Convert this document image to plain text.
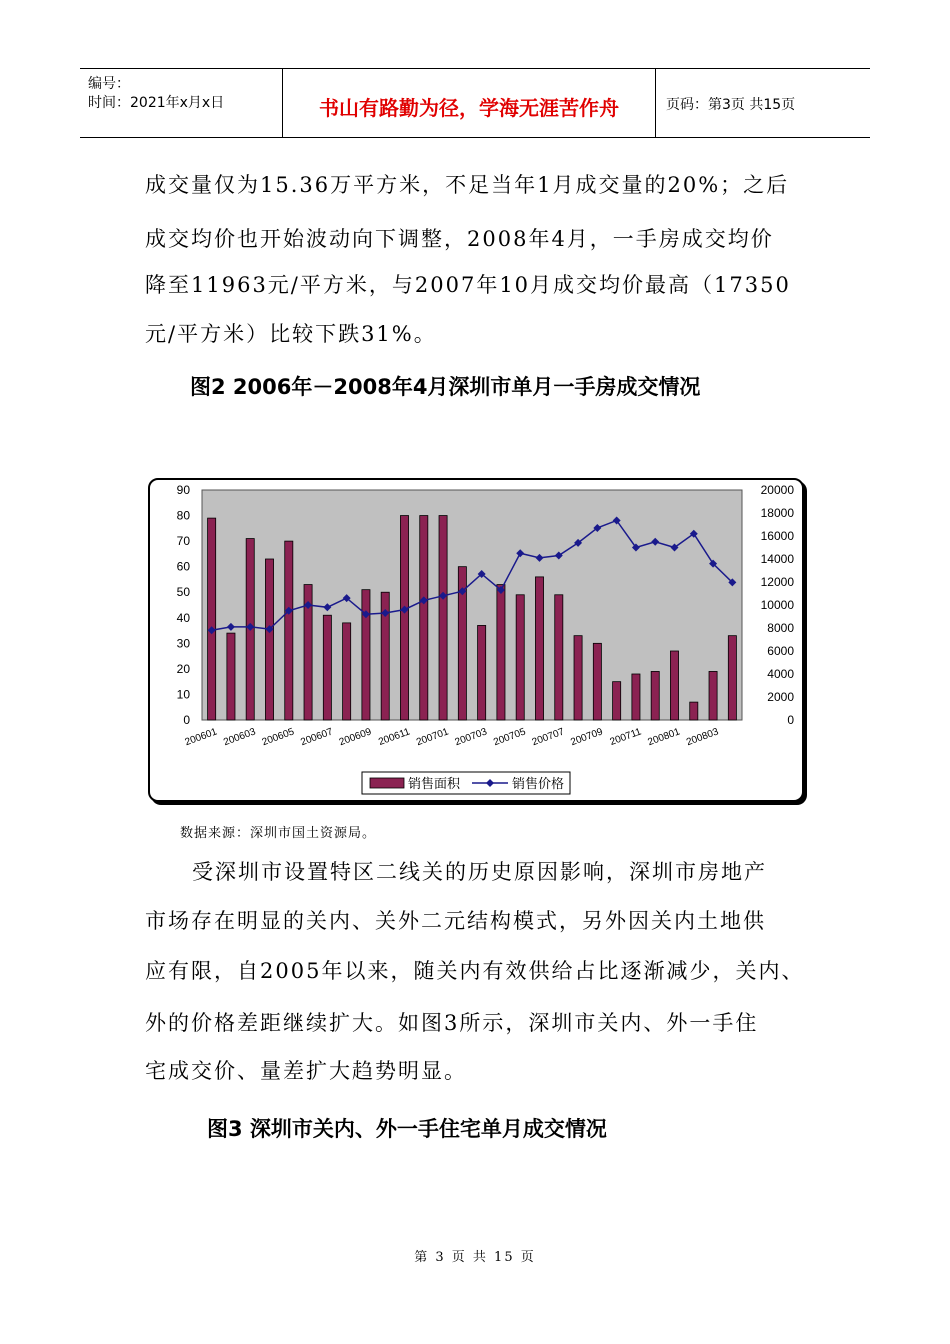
编号：
时间：2021年x月x日	书山有路勤为径，学海无涯苦作舟	页码：第3页 共15页
成交量仅为15.36万平方米，不足当年1月成交量的20%；之后
成交均价也开始波动向下调整，2008年4月，一手房成交均价
降至11963元/平方米，与2007年10月成交均价最高（17350
元/平方米）比较下跌31%。
图2 2006年－2008年4月深圳市单月一手房成交情况
0
10
20
30
40
50
60
70
80
90
0
2000
4000
6000
8000
10000
12000
14000
16000
18000
20000
200601 200603 200605 200607 200609 200611 200701 200703 200705 200707 200709 200711 200801 200803
销售面积	销售价格
数据来源：深圳市国土资源局。
受深圳市设置特区二线关的历史原因影响，深圳市房地产
市场存在明显的关内、关外二元结构模式，另外因关内土地供
应有限，自2005年以来，随关内有效供给占比逐渐减少，关内、
外的价格差距继续扩大。如图3所示，深圳市关内、外一手住
宅成交价、量差扩大趋势明显。
图3 深圳市关内、外一手住宅单月成交情况
第 3 页 共 15 页
